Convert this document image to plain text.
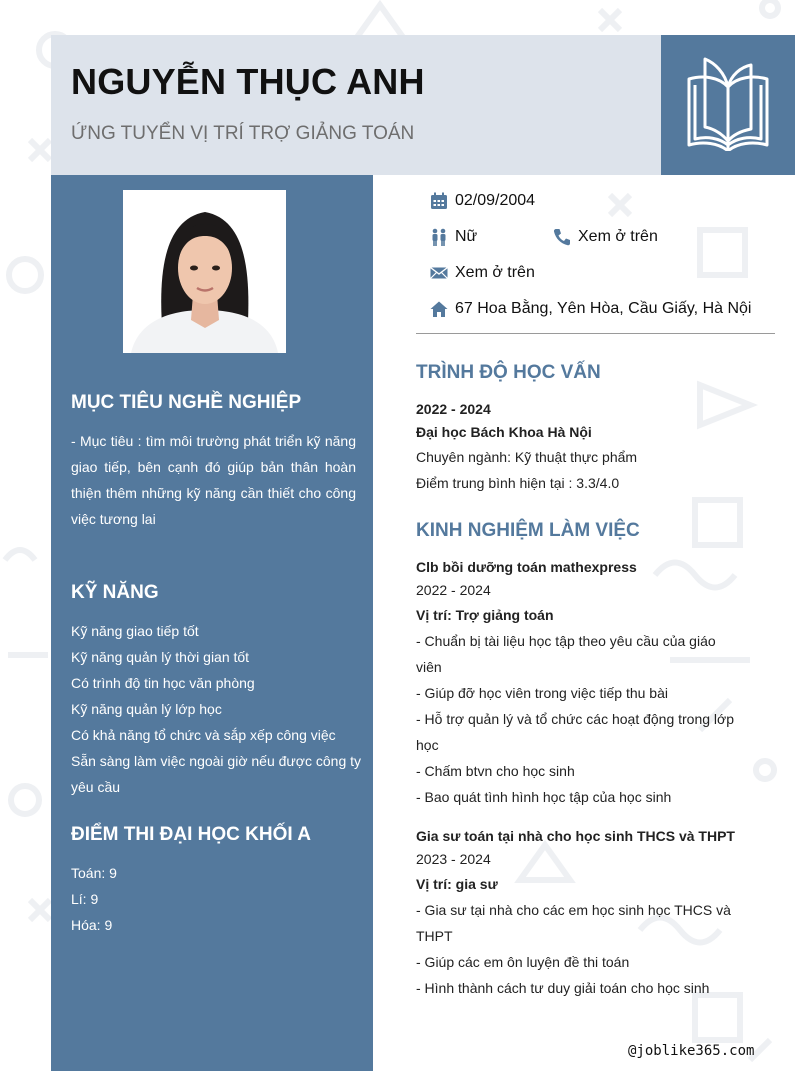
NGUYỄN THỤC ANH
ỨNG TUYỂN VỊ TRÍ TRỢ GIẢNG TOÁN
MỤC TIÊU NGHỀ NGHIỆP
- Mục tiêu : tìm môi trường phát triển kỹ năng giao tiếp, bên cạnh đó giúp bản thân hoàn thiện thêm những kỹ năng cần thiết cho công việc tương lai
KỸ NĂNG
Kỹ năng giao tiếp tốt
Kỹ năng quản lý thời gian tốt
Có trình độ tin học văn phòng
Kỹ năng quản lý lớp học
Có khả năng tổ chức và sắp xếp công việc
Sẵn sàng làm việc ngoài giờ nếu được công ty
yêu cầu
ĐIỂM THI ĐẠI HỌC KHỐI A
Toán: 9
Lí: 9
Hóa: 9
02/09/2004
Nữ	Xem ở trên
Xem ở trên
67 Hoa Bằng, Yên Hòa, Cầu Giấy, Hà Nội
TRÌNH ĐỘ HỌC VẤN
2022 - 2024
Đại học Bách Khoa Hà Nội
Chuyên ngành: Kỹ thuật thực phẩm
Điểm trung bình hiện tại : 3.3/4.0
KINH NGHIỆM LÀM VIỆC
Clb bồi dưỡng toán mathexpress
2022 - 2024
Vị trí: Trợ giảng toán
- Chuẩn bị tài liệu học tập theo yêu cầu của giáo
viên
- Giúp đỡ học viên trong việc tiếp thu bài
- Hỗ trợ quản lý và tổ chức các hoạt động trong lớp
học
- Chấm btvn cho học sinh
- Bao quát tình hình học tập của học sinh
Gia sư toán tại nhà cho học sinh THCS và THPT
2023 - 2024
Vị trí: gia sư
- Gia sư tại nhà cho các em học sinh học THCS và
THPT
- Giúp các em ôn luyện đề thi toán
- Hình thành cách tư duy giải toán cho học sinh
@joblike365.com
